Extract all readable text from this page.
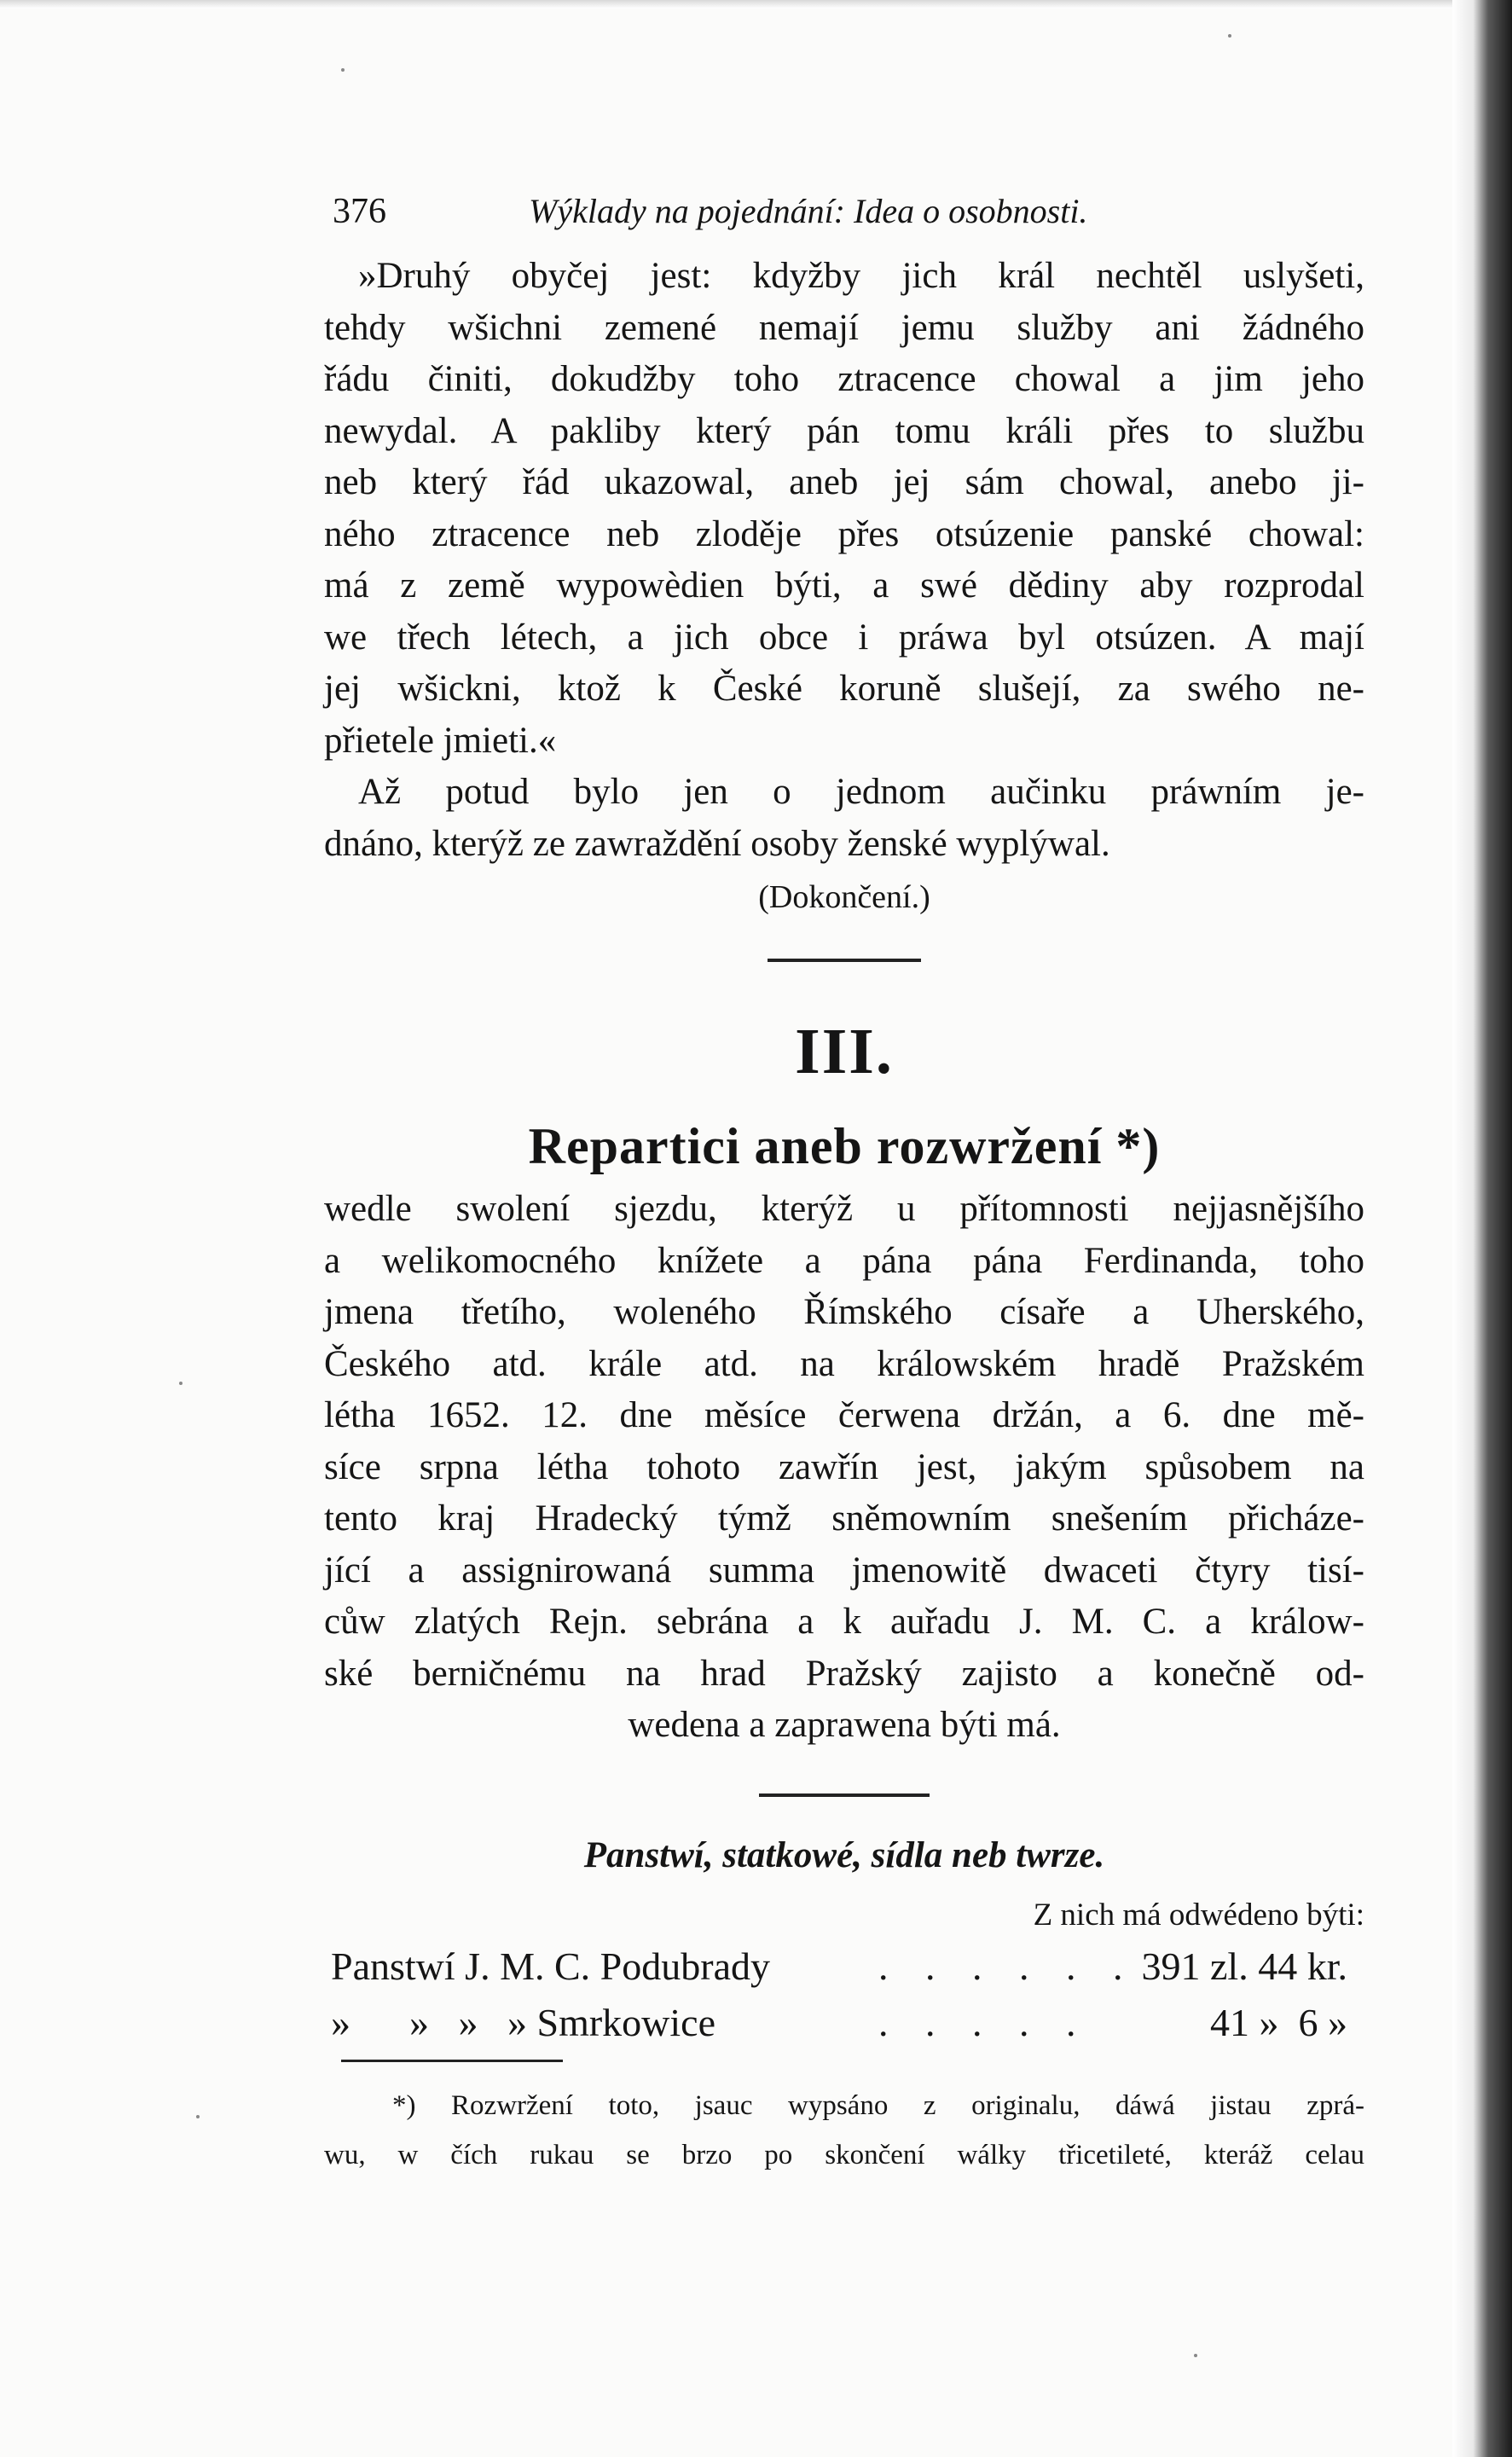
376	Wýklady na pojednání: Idea o osobnosti.

»Druhý obyčej jest: kdyžby jich král nechtěl uslyšeti,

tehdy wšichni zemené nemají jemu služby ani žádného

řádu činiti, dokudžby toho ztracence chowal a jim jeho

newydal. A pakliby který pán tomu králi přes to službu

neb který řád ukazowal, aneb jej sám chowal, anebo ji-

ného ztracence neb zloděje přes otsúzenie panské chowal:

má z země wypowèdien býti, a swé dědiny aby rozprodal

we třech létech, a jich obce i práwa byl otsúzen. A mají

jej wšickni, ktož k České koruně slušejí, za swého ne-

přietele jmieti.«

Až potud bylo jen o jednom aučinku práwním je-

dnáno, kterýž ze zawraždění osoby ženské wyplýwal.

(Dokončení.)
III.
Repartici aneb rozwržení *)

wedle swolení sjezdu, kterýž u přítomnosti nejjasnějšího

a welikomocného knížete a pána pána Ferdinanda, toho

jmena třetího, woleného Římského císaře a Uherského,

Českého atd. krále atd. na králowském hradě Pražském

létha 1652. 12. dne měsíce čerwena držán, a 6. dne mě-

síce srpna létha tohoto zawřín jest, jakým spůsobem na

tento kraj Hradecký týmž sněmowním snešením přicháze-

jící a assignirowaná summa jmenowitě dwaceti čtyry tisí-

cůw zlatých Rejn. sebrána a k auřadu J. M. C. a králow-

ské berničnému na hrad Pražský zajisto a konečně od-

wedena a zaprawena býti má.
Panstwí, statkowé, sídla neb twrze.
Z nich má odwédeno býti:
Panstwí J. M. C. Podubrady	. . . . . . 391 zl. 44 kr.
»      »   »   » Smrkowice	. . . . .	41 »  6 »

*) Rozwržení toto, jsauc wypsáno z originalu, dáwá jistau zprá-

wu, w čích rukau se brzo po skončení wálky třicetileté, kteráž celau
